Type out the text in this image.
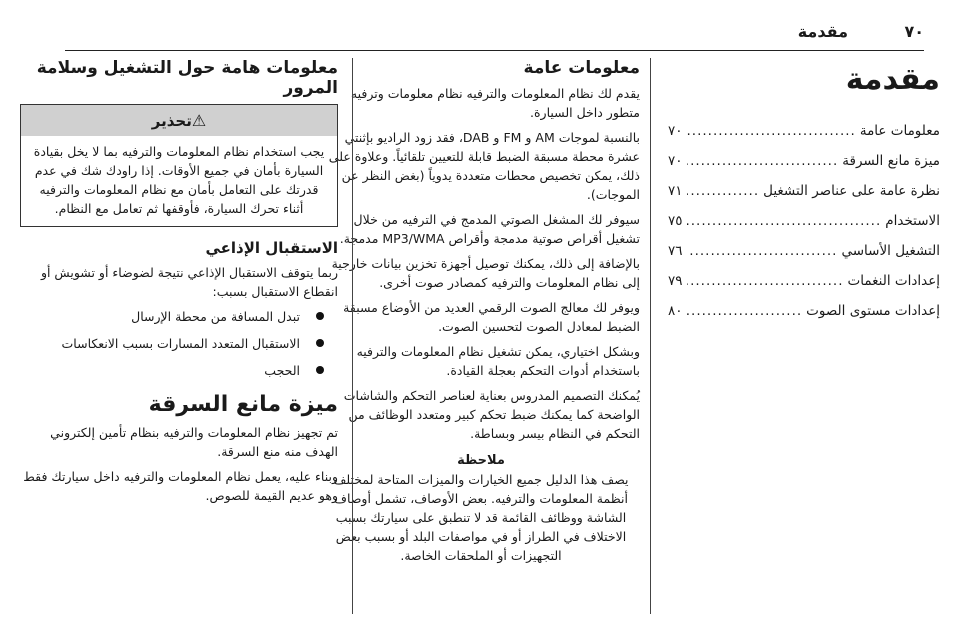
٧٠
مقدمة
مقدمة
معلومات عامة
.....
٧٠
ميزة مانع السرقة
.....
٧٠
نظرة عامة على عناصر التشغيل
.....
٧١
الاستخدام
.....
٧٥
التشغيل الأساسي
.....
٧٦
إعدادات النغمات
.....
٧٩
إعدادات مستوى الصوت
.....
٨٠
معلومات عامة

يقدم لك نظام المعلومات والترفيه نظام معلومات وترفيه متطور داخل السيارة.

بالنسبة لموجات AM و FM و DAB، فقد زود الراديو بإثنتي عشرة محطة مسبقة الضبط قابلة للتعيين تلقائياً. وعلاوة على ذلك، يمكن تخصيص محطات متعددة يدوياً (بغض النظر عن الموجات).

سيوفر لك المشغل الصوتي المدمج في الترفيه من خلال تشغيل أقراص صوتية مدمجة وأقراص MP3/WMA مدمجة.

بالإضافة إلى ذلك، يمكنك توصيل أجهزة تخزين بيانات خارجية إلى نظام المعلومات والترفيه كمصادر صوت أخرى.

ويوفر لك معالج الصوت الرقمي العديد من الأوضاع مسبقة الضبط لمعادل الصوت لتحسين الصوت.

وبشكل اختياري، يمكن تشغيل نظام المعلومات والترفيه باستخدام أدوات التحكم بعجلة القيادة.

يُمكنك التصميم المدروس بعناية لعناصر التحكم والشاشات الواضحة كما يمكنك ضبط تحكم كبير ومتعدد الوظائف من التحكم في النظام بيسر وبساطة.

ملاحظة

يصف هذا الدليل جميع الخيارات والميزات المتاحة لمختلف أنظمة المعلومات والترفيه. بعض الأوصاف، تشمل أوصاف الشاشة ووظائف القائمة قد لا تنطبق على سيارتك بسبب الاختلاف في الطراز أو في مواصفات البلد أو بسبب بعض التجهيزات أو الملحقات الخاصة.

معلومات هامة حول التشغيل وسلامة المرور
⚠تحذير
يجب استخدام نظام المعلومات والترفيه بما لا يخل بقيادة السيارة بأمان في جميع الأوقات. إذا راودك شك في عدم قدرتك على التعامل بأمان مع نظام المعلومات والترفيه أثناء تحرك السيارة، فأوقفها ثم تعامل مع النظام.
الاستقبال الإذاعي

ربما يتوقف الاستقبال الإذاعي نتيجة لضوضاء أو تشويش أو انقطاع الاستقبال بسبب:

تبدل المسافة من محطة الإرسال
الاستقبال المتعدد المسارات بسبب الانعكاسات
الحجب
ميزة مانع السرقة

تم تجهيز نظام المعلومات والترفيه بنظام تأمين إلكتروني الهدف منه منع السرقة.

وبناء عليه، يعمل نظام المعلومات والترفيه داخل سيارتك فقط وهو عديم القيمة للصوص.
